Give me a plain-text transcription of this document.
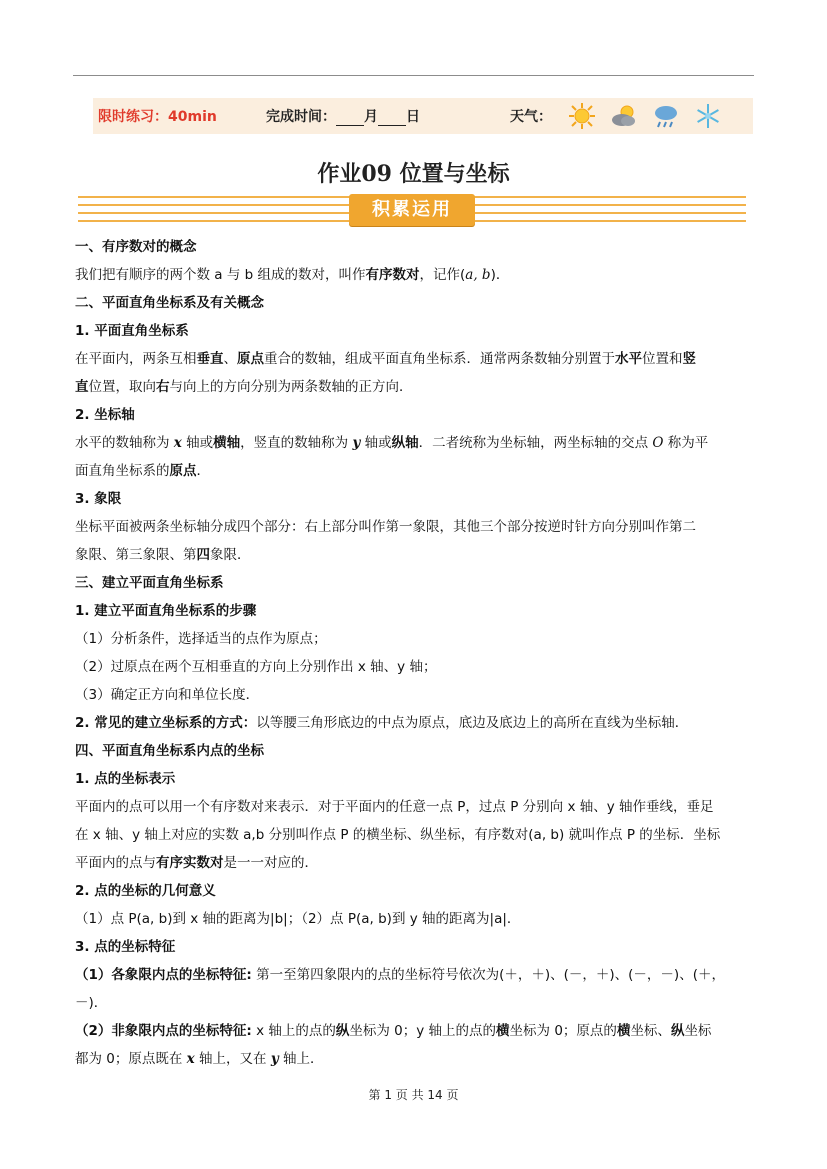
限时练习：40min	完成时间： 月 日	天气：
作业09 位置与坐标
积累运用

一、有序数对的概念

我们把有顺序的两个数 a 与 b 组成的数对，叫作有序数对，记作(a, b)．

二、平面直角坐标系及有关概念

1. 平面直角坐标系

在平面内，两条互相垂直、原点重合的数轴，组成平面直角坐标系．通常两条数轴分别置于水平位置和竖

直位置，取向右与向上的方向分别为两条数轴的正方向．

2. 坐标轴

水平的数轴称为 x 轴或横轴，竖直的数轴称为 y 轴或纵轴．二者统称为坐标轴，两坐标轴的交点 O 称为平

面直角坐标系的原点．

3. 象限

坐标平面被两条坐标轴分成四个部分：右上部分叫作第一象限，其他三个部分按逆时针方向分别叫作第二

象限、第三象限、第四象限．

三、建立平面直角坐标系

1. 建立平面直角坐标系的步骤

（1）分析条件，选择适当的点作为原点；

（2）过原点在两个互相垂直的方向上分别作出 x 轴、y 轴；

（3）确定正方向和单位长度．

2. 常见的建立坐标系的方式：以等腰三角形底边的中点为原点，底边及底边上的高所在直线为坐标轴．

四、平面直角坐标系内点的坐标

1. 点的坐标表示

平面内的点可以用一个有序数对来表示．对于平面内的任意一点 P，过点 P 分别向 x 轴、y 轴作垂线，垂足

在 x 轴、y 轴上对应的实数 a,b 分别叫作点 P 的横坐标、纵坐标，有序数对(a, b) 就叫作点 P 的坐标．坐标

平面内的点与有序实数对是一一对应的．

2. 点的坐标的几何意义

（1）点 P(a, b)到 x 轴的距离为|b|；（2）点 P(a, b)到 y 轴的距离为|a|．

3. 点的坐标特征

（1）各象限内点的坐标特征: 第一至第四象限内的点的坐标符号依次为(＋，＋)、(－，＋)、(－，－)、(＋，－)．

（2）非象限内点的坐标特征: x 轴上的点的纵坐标为 0；y 轴上的点的横坐标为 0；原点的横坐标、纵坐标

都为 0；原点既在 x 轴上，又在 y 轴上．

第 1 页 共 14 页
